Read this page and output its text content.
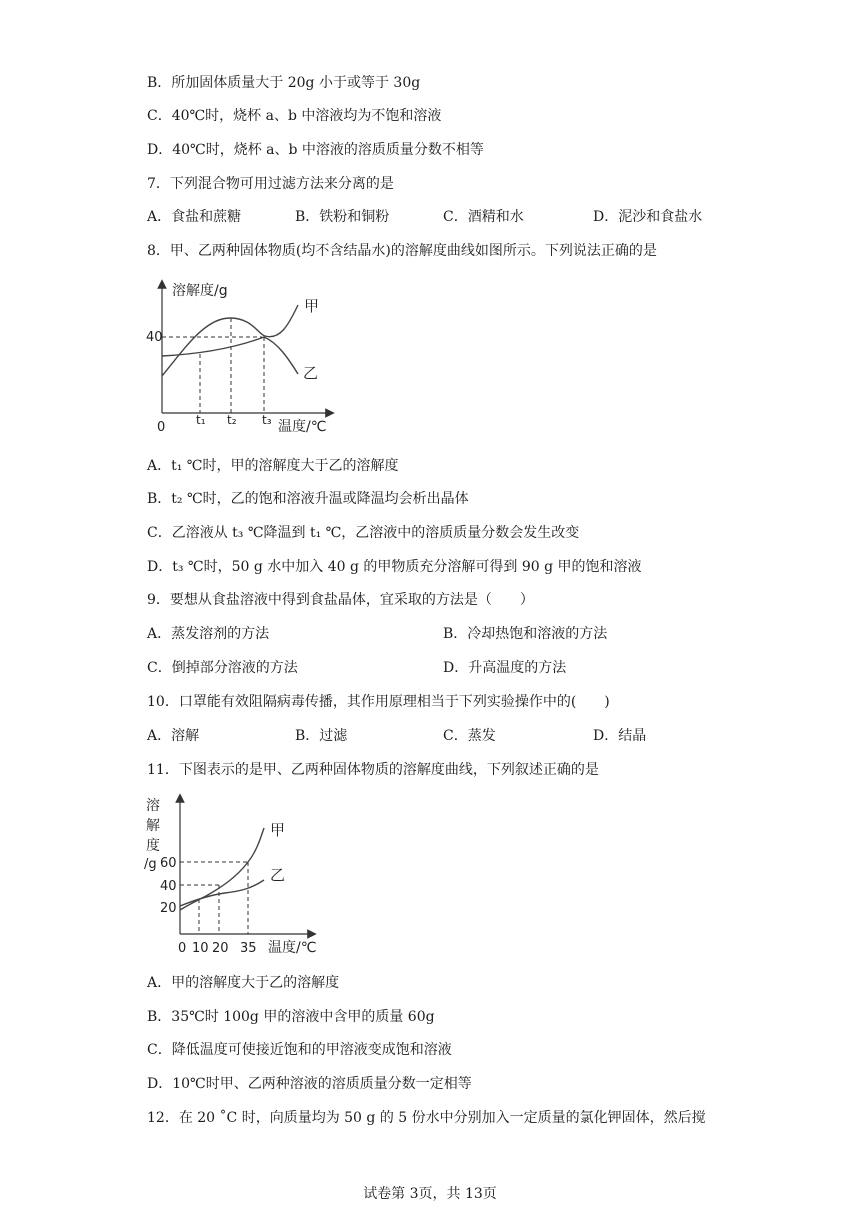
B．所加固体质量大于 20g 小于或等于 30g
C．40℃时，烧杯 a、b 中溶液均为不饱和溶液
D．40℃时，烧杯 a、b 中溶液的溶质质量分数不相等
7．下列混合物可用过滤方法来分离的是
A．食盐和蔗糖	B．铁粉和铜粉	C．酒精和水	D．泥沙和食盐水
8．甲、乙两种固体物质(均不含结晶水)的溶解度曲线如图所示。下列说法正确的是
溶解度/g
40
0	t₁ t₂ t₃ 温度/℃
甲
乙
A．t₁ ℃时，甲的溶解度大于乙的溶解度
B．t₂ ℃时，乙的饱和溶液升温或降温均会析出晶体
C．乙溶液从 t₃ ℃降温到 t₁ ℃，乙溶液中的溶质质量分数会发生改变
D．t₃ ℃时，50 g 水中加入 40 g 的甲物质充分溶解可得到 90 g 甲的饱和溶液
9．要想从食盐溶液中得到食盐晶体，宜采取的方法是（　　）
A．蒸发溶剂的方法	B．冷却热饱和溶液的方法
C．倒掉部分溶液的方法	D．升高温度的方法
10．口罩能有效阻隔病毒传播，其作用原理相当于下列实验操作中的(　　)
A．溶解	B．过滤	C．蒸发	D．结晶
11．下图表示的是甲、乙两种固体物质的溶解度曲线，下列叙述正确的是
溶
解
度
/g 60
40
20
0 10 20 35 温度/℃
甲
乙
A．甲的溶解度大于乙的溶解度
B．35℃时 100g 甲的溶液中含甲的质量 60g
C．降低温度可使接近饱和的甲溶液变成饱和溶液
D．10℃时甲、乙两种溶液的溶质质量分数一定相等
12．在 20 ˚C 时，向质量均为 50 g 的 5 份水中分别加入一定质量的氯化钾固体，然后搅
试卷第 3页，共 13页
